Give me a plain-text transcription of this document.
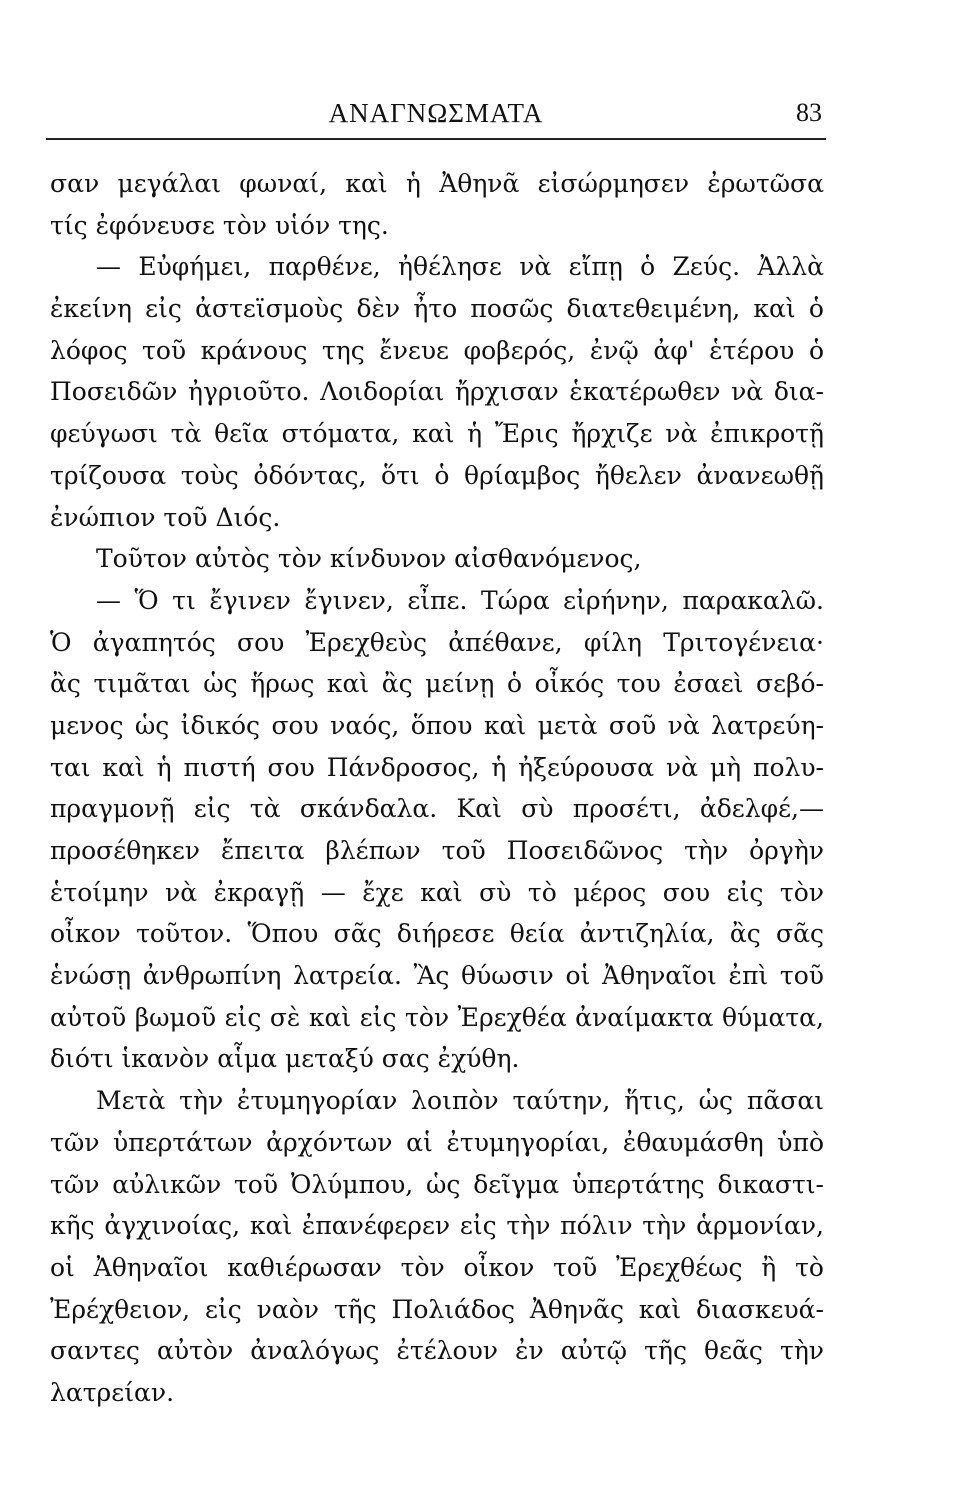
ΑΝΑΓΝΩΣΜΑΤΑ	83
σαν μεγάλαι φωναί, καὶ ἡ Ἀθηνᾶ εἰσώρμησεν ἐρωτῶσα
τίς ἐφόνευσε τὸν υἱόν της.
— Εὐφήμει, παρθένε, ἠθέλησε νὰ εἴπῃ ὁ Ζεύς. Ἀλλὰ
ἐκείνη εἰς ἀστεϊσμοὺς δὲν ἦτο ποσῶς διατεθειμένη, καὶ ὁ
λόφος τοῦ κράνους της ἔνευε φοβερός, ἐνῷ ἀφ' ἑτέρου ὁ
Ποσειδῶν ἠγριοῦτο. Λοιδορίαι ἤρχισαν ἑκατέρωθεν νὰ δια-
φεύγωσι τὰ θεῖα στόματα, καὶ ἡ Ἔρις ἤρχιζε νὰ ἐπικροτῇ
τρίζουσα τοὺς ὀδόντας, ὅτι ὁ θρίαμβος ἤθελεν ἀνανεωθῇ
ἐνώπιον τοῦ Διός.
Τοῦτον αὐτὸς τὸν κίνδυνον αἰσθανόμενος,
— Ὅ τι ἔγινεν ἔγινεν, εἶπε. Τώρα εἰρήνην, παρακαλῶ.
Ὁ ἀγαπητός σου Ἐρεχθεὺς ἀπέθανε, φίλη Τριτογένεια·
ἂς τιμᾶται ὡς ἥρως καὶ ἂς μείνῃ ὁ οἶκός του ἐσαεὶ σεβό-
μενος ὡς ἰδικός σου ναός, ὅπου καὶ μετὰ σοῦ νὰ λατρεύη-
ται καὶ ἡ πιστή σου Πάνδροσος, ἡ ἠξεύρουσα νὰ μὴ πολυ-
πραγμονῇ εἰς τὰ σκάνδαλα. Καὶ σὺ προσέτι, ἀδελφέ,—
προσέθηκεν ἔπειτα βλέπων τοῦ Ποσειδῶνος τὴν ὀργὴν
ἑτοίμην νὰ ἐκραγῇ — ἔχε καὶ σὺ τὸ μέρος σου εἰς τὸν
οἶκον τοῦτον. Ὅπου σᾶς διήρεσε θεία ἀντιζηλία, ἂς σᾶς
ἑνώσῃ ἀνθρωπίνη λατρεία. Ἂς θύωσιν οἱ Ἀθηναῖοι ἐπὶ τοῦ
αὐτοῦ βωμοῦ εἰς σὲ καὶ εἰς τὸν Ἐρεχθέα ἀναίμακτα θύματα,
διότι ἱκανὸν αἷμα μεταξύ σας ἐχύθη.
Μετὰ τὴν ἐτυμηγορίαν λοιπὸν ταύτην, ἥτις, ὡς πᾶσαι
τῶν ὑπερτάτων ἀρχόντων αἱ ἐτυμηγορίαι, ἐθαυμάσθη ὑπὸ
τῶν αὐλικῶν τοῦ Ὀλύμπου, ὡς δεῖγμα ὑπερτάτης δικαστι-
κῆς ἀγχινοίας, καὶ ἐπανέφερεν εἰς τὴν πόλιν τὴν ἁρμονίαν,
οἱ Ἀθηναῖοι καθιέρωσαν τὸν οἶκον τοῦ Ἐρεχθέως ἢ τὸ
Ἐρέχθειον, εἰς ναὸν τῆς Πολιάδος Ἀθηνᾶς καὶ διασκευά-
σαντες αὐτὸν ἀναλόγως ἐτέλουν ἐν αὐτῷ τῆς θεᾶς τὴν
λατρείαν.
